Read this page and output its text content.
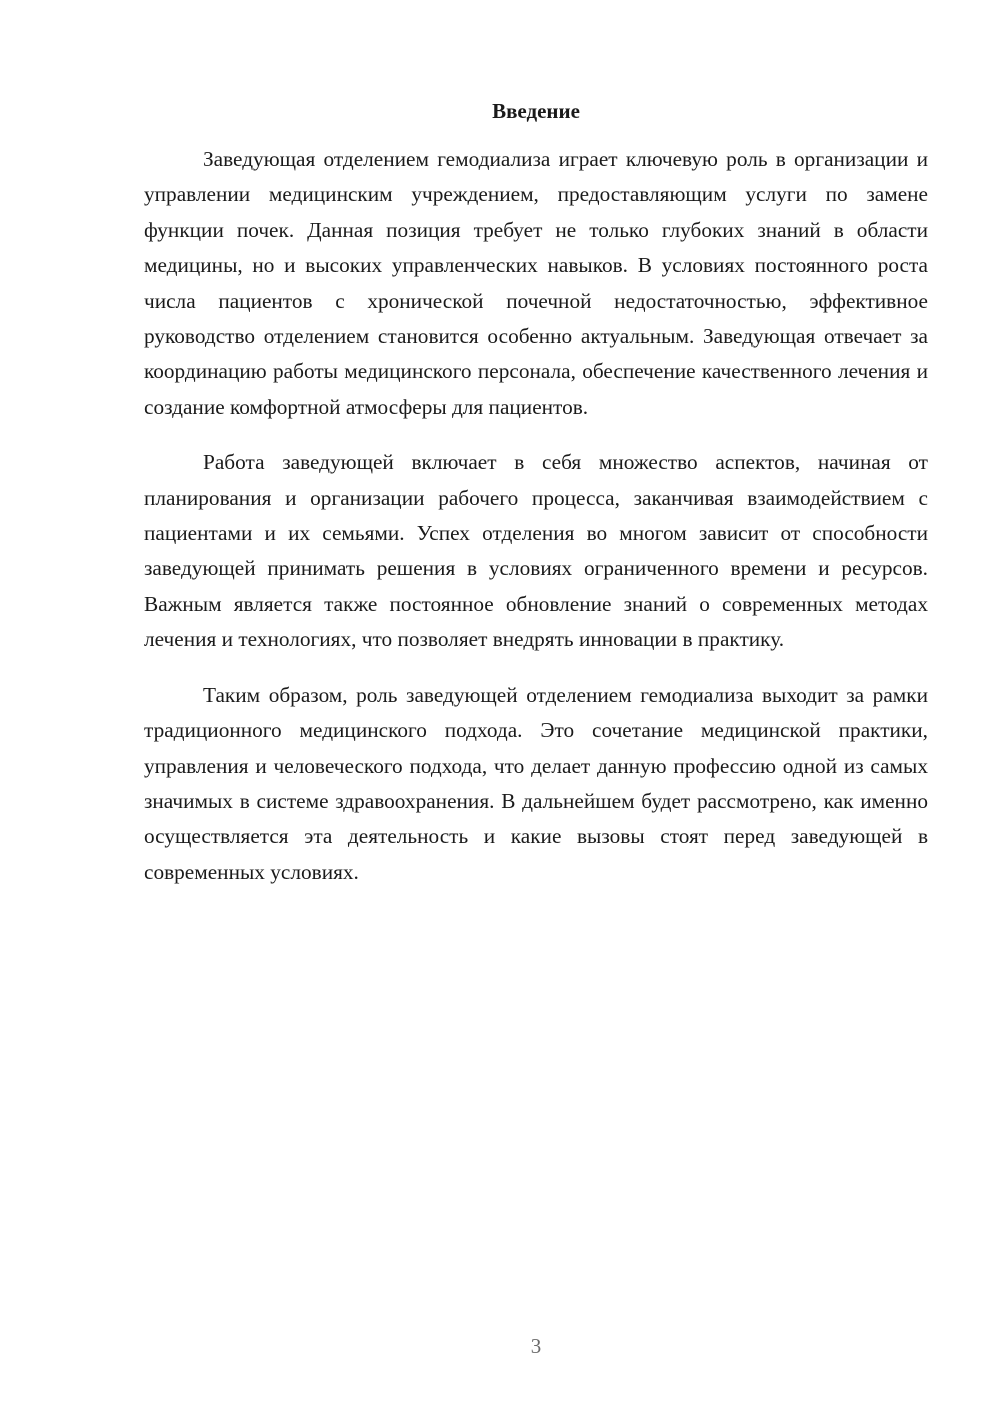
Введение

Заведующая отделением гемодиализа играет ключевую роль в организации и управлении медицинским учреждением, предоставляющим услуги по замене функции почек. Данная позиция требует не только глубоких знаний в области медицины, но и высоких управленческих навыков. В условиях постоянного роста числа пациентов с хронической почечной недостаточностью, эффективное руководство отделением становится особенно актуальным. Заведующая отвечает за координацию работы медицинского персонала, обеспечение качественного лечения и создание комфортной атмосферы для пациентов.

Работа заведующей включает в себя множество аспектов, начиная от планирования и организации рабочего процесса, заканчивая взаимодействием с пациентами и их семьями. Успех отделения во многом зависит от способности заведующей принимать решения в условиях ограниченного времени и ресурсов. Важным является также постоянное обновление знаний о современных методах лечения и технологиях, что позволяет внедрять инновации в практику.

Таким образом, роль заведующей отделением гемодиализа выходит за рамки традиционного медицинского подхода. Это сочетание медицинской практики, управления и человеческого подхода, что делает данную профессию одной из самых значимых в системе здравоохранения. В дальнейшем будет рассмотрено, как именно осуществляется эта деятельность и какие вызовы стоят перед заведующей в современных условиях.

3
